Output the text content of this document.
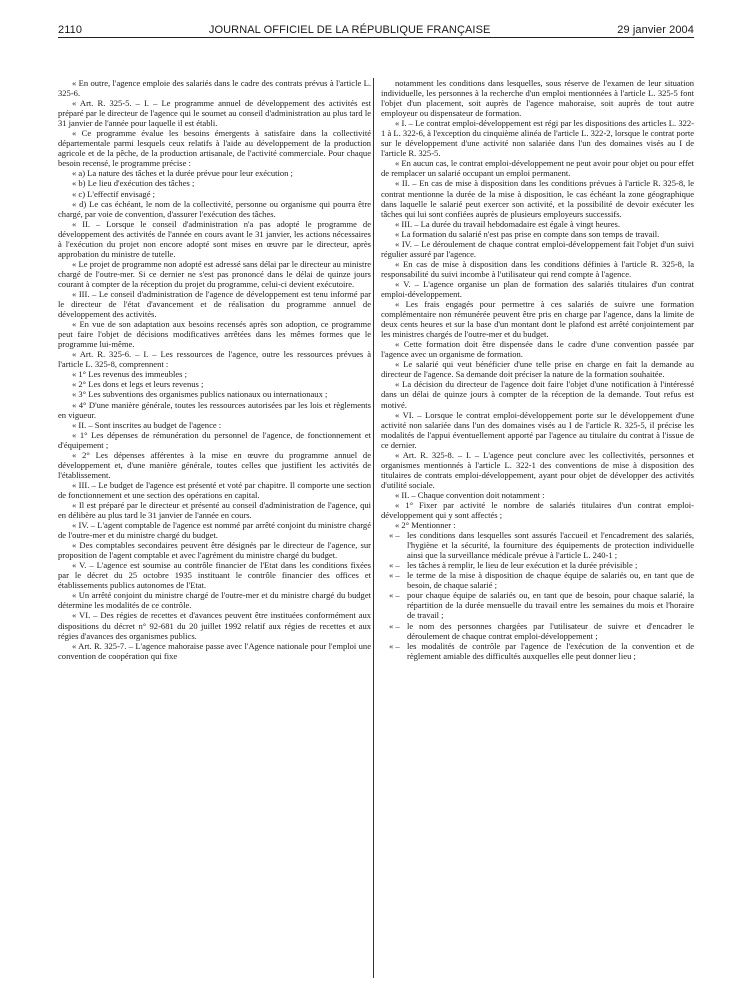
2110	JOURNAL OFFICIEL DE LA RÉPUBLIQUE FRANÇAISE	29 janvier 2004

« En outre, l'agence emploie des salariés dans le cadre des contrats prévus à l'article L. 325-6.

« Art. R. 325-5. – I. – Le programme annuel de développement des activités est préparé par le directeur de l'agence qui le soumet au conseil d'administration au plus tard le 31 janvier de l'année pour laquelle il est établi.

« Ce programme évalue les besoins émergents à satisfaire dans la collectivité départementale parmi lesquels ceux relatifs à l'aide au développement de la production agricole et de la pêche, de la production artisanale, de l'activité commerciale. Pour chaque besoin recensé, le programme précise :

« a) La nature des tâches et la durée prévue pour leur exécution ;

« b) Le lieu d'exécution des tâches ;

« c) L'effectif envisagé ;

« d) Le cas échéant, le nom de la collectivité, personne ou organisme qui pourra être chargé, par voie de convention, d'assurer l'exécution des tâches.

« II. – Lorsque le conseil d'administration n'a pas adopté le programme de développement des activités de l'année en cours avant le 31 janvier, les actions nécessaires à l'exécution du projet non encore adopté sont mises en œuvre par le directeur, après approbation du ministre de tutelle.

« Le projet de programme non adopté est adressé sans délai par le directeur au ministre chargé de l'outre-mer. Si ce dernier ne s'est pas prononcé dans le délai de quinze jours courant à compter de la réception du projet du programme, celui-ci devient exécutoire.

« III. – Le conseil d'administration de l'agence de développement est tenu informé par le directeur de l'état d'avancement et de réalisation du programme annuel de développement des activités.

« En vue de son adaptation aux besoins recensés après son adoption, ce programme peut faire l'objet de décisions modificatives arrêtées dans les mêmes formes que le programme lui-même.

« Art. R. 325-6. – I. – Les ressources de l'agence, outre les ressources prévues à l'article L. 325-8, comprennent :

« 1° Les revenus des immeubles ;

« 2° Les dons et legs et leurs revenus ;

« 3° Les subventions des organismes publics nationaux ou internationaux ;

« 4° D'une manière générale, toutes les ressources autorisées par les lois et règlements en vigueur.

« II. – Sont inscrites au budget de l'agence :

« 1° Les dépenses de rémunération du personnel de l'agence, de fonctionnement et d'équipement ;

« 2° Les dépenses afférentes à la mise en œuvre du programme annuel de développement et, d'une manière générale, toutes celles que justifient les activités de l'établissement.

« III. – Le budget de l'agence est présenté et voté par chapitre. Il comporte une section de fonctionnement et une section des opérations en capital.

« Il est préparé par le directeur et présenté au conseil d'administration de l'agence, qui en délibère au plus tard le 31 janvier de l'année en cours.

« IV. – L'agent comptable de l'agence est nommé par arrêté conjoint du ministre chargé de l'outre-mer et du ministre chargé du budget.

« Des comptables secondaires peuvent être désignés par le directeur de l'agence, sur proposition de l'agent comptable et avec l'agrément du ministre chargé du budget.

« V. – L'agence est soumise au contrôle financier de l'Etat dans les conditions fixées par le décret du 25 octobre 1935 instituant le contrôle financier des offices et établissements publics autonomes de l'Etat.

« Un arrêté conjoint du ministre chargé de l'outre-mer et du ministre chargé du budget détermine les modalités de ce contrôle.

« VI. – Des régies de recettes et d'avances peuvent être instituées conformément aux dispositions du décret n° 92-681 du 20 juillet 1992 relatif aux régies de recettes et aux régies d'avances des organismes publics.

« Art. R. 325-7. – L'agence mahoraise passe avec l'Agence nationale pour l'emploi une convention de coopération qui fixe

notamment les conditions dans lesquelles, sous réserve de l'examen de leur situation individuelle, les personnes à la recherche d'un emploi mentionnées à l'article L. 325-5 font l'objet d'un placement, soit auprès de l'agence mahoraise, soit auprès de tout autre employeur ou dispensateur de formation.

« I. – Le contrat emploi-développement est régi par les dispositions des articles L. 322-1 à L. 322-6, à l'exception du cinquième alinéa de l'article L. 322-2, lorsque le contrat porte sur le développement d'une activité non salariée dans l'un des domaines visés au I de l'article R. 325-5.

« En aucun cas, le contrat emploi-développement ne peut avoir pour objet ou pour effet de remplacer un salarié occupant un emploi permanent.

« II. – En cas de mise à disposition dans les conditions prévues à l'article R. 325-8, le contrat mentionne la durée de la mise à disposition, le cas échéant la zone géographique dans laquelle le salarié peut exercer son activité, et la possibilité de devoir exécuter les tâches qui lui sont confiées auprès de plusieurs employeurs successifs.

« III. – La durée du travail hebdomadaire est égale à vingt heures.

« La formation du salarié n'est pas prise en compte dans son temps de travail.

« IV. – Le déroulement de chaque contrat emploi-développement fait l'objet d'un suivi régulier assuré par l'agence.

« En cas de mise à disposition dans les conditions définies à l'article R. 325-8, la responsabilité du suivi incombe à l'utilisateur qui rend compte à l'agence.

« V. – L'agence organise un plan de formation des salariés titulaires d'un contrat emploi-développement.

« Les frais engagés pour permettre à ces salariés de suivre une formation complémentaire non rémunérée peuvent être pris en charge par l'agence, dans la limite de deux cents heures et sur la base d'un montant dont le plafond est arrêté conjointement par les ministres chargés de l'outre-mer et du budget.

« Cette formation doit être dispensée dans le cadre d'une convention passée par l'agence avec un organisme de formation.

« Le salarié qui veut bénéficier d'une telle prise en charge en fait la demande au directeur de l'agence. Sa demande doit préciser la nature de la formation souhaitée.

« La décision du directeur de l'agence doit faire l'objet d'une notification à l'intéressé dans un délai de quinze jours à compter de la réception de la demande. Tout refus est motivé.

« VI. – Lorsque le contrat emploi-développement porte sur le développement d'une activité non salariée dans l'un des domaines visés au I de l'article R. 325-5, il précise les modalités de l'appui éventuellement apporté par l'agence au titulaire du contrat à l'issue de ce dernier.

« Art. R. 325-8. – I. – L'agence peut conclure avec les collectivités, personnes et organismes mentionnés à l'article L. 322-1 des conventions de mise à disposition des titulaires de contrats emploi-développement, ayant pour objet de développer des activités d'utilité sociale.

« II. – Chaque convention doit notamment :

« 1° Fixer par activité le nombre de salariés titulaires d'un contrat emploi-développement qui y sont affectés ;

« 2° Mentionner :

« – les conditions dans lesquelles sont assurés l'accueil et l'encadrement des salariés, l'hygiène et la sécurité, la fourniture des équipements de protection individuelle ainsi que la surveillance médicale prévue à l'article L. 240-1 ;

« – les tâches à remplir, le lieu de leur exécution et la durée prévisible ;

« – le terme de la mise à disposition de chaque équipe de salariés ou, en tant que de besoin, de chaque salarié ;

« – pour chaque équipe de salariés ou, en tant que de besoin, pour chaque salarié, la répartition de la durée mensuelle du travail entre les semaines du mois et l'horaire de travail ;

« – le nom des personnes chargées par l'utilisateur de suivre et d'encadrer le déroulement de chaque contrat emploi-développement ;

« – les modalités de contrôle par l'agence de l'exécution de la convention et de règlement amiable des difficultés auxquelles elle peut donner lieu ;
